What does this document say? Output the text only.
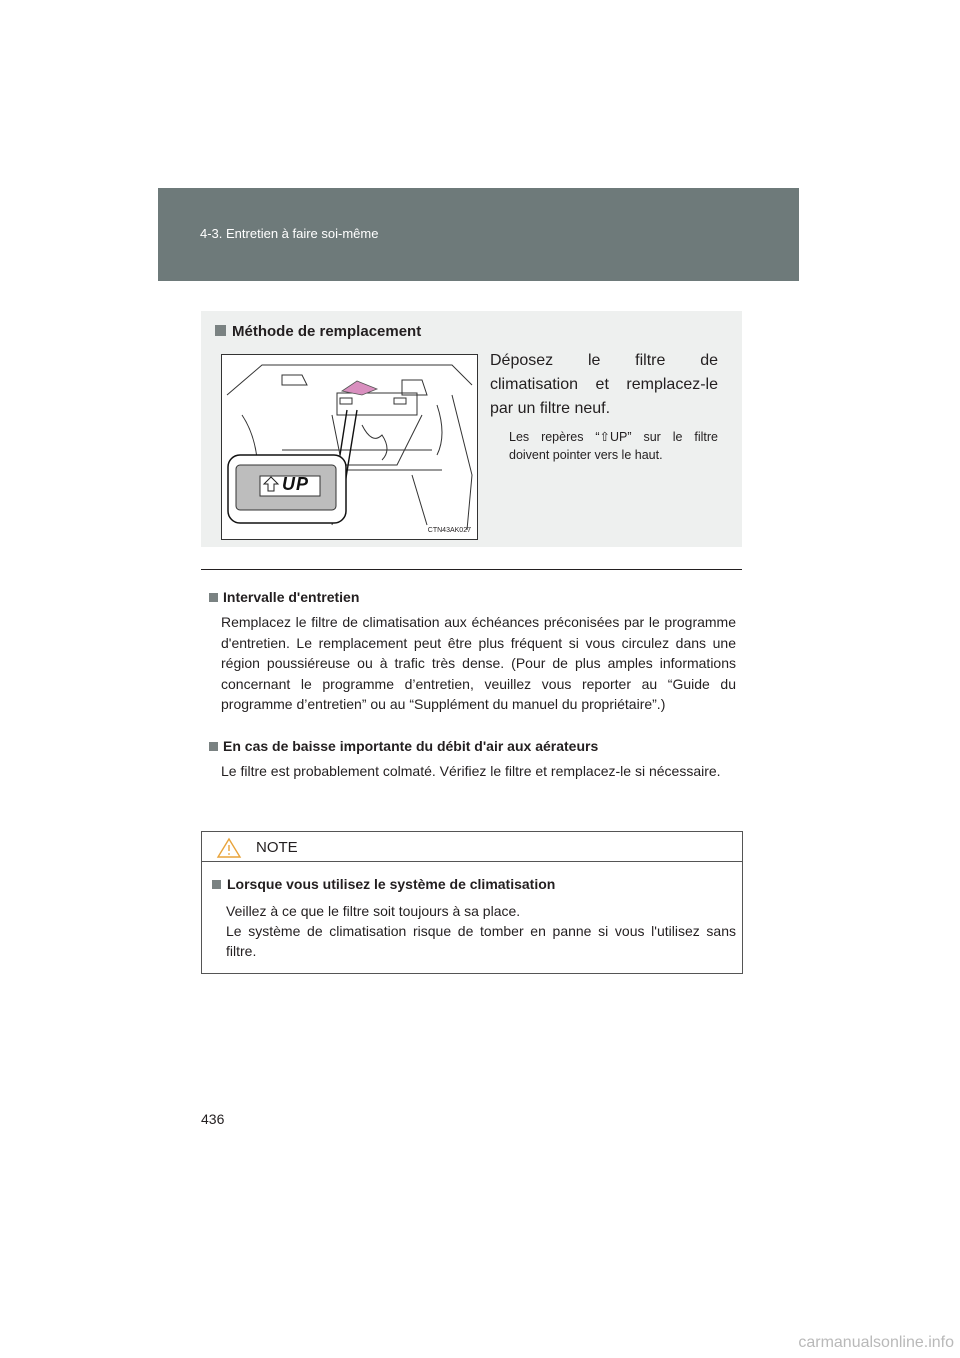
4-3. Entretien à faire soi-même
Méthode de remplacement
UP
CTN43AK027
Déposez le filtre de climatisation et remplacez-le par un filtre neuf.
Les repères “⇧UP” sur le filtre doivent pointer vers le haut.

Intervalle d'entretien

Remplacez le filtre de climatisation aux échéances préconisées par le programme d'entretien. Le remplacement peut être plus fréquent si vous circulez dans une région poussiéreuse ou à trafic très dense. (Pour de plus amples informations concernant le programme d’entretien, veuillez vous reporter au “Guide du programme d’entretien” ou au “Supplément du manuel du propriétaire”.)

En cas de baisse importante du débit d'air aux aérateurs

Le filtre est probablement colmaté. Vérifiez le filtre et remplacez-le si nécessaire.

NOTE

Lorsque vous utilisez le système de climatisation

Veillez à ce que le filtre soit toujours à sa place.
Le système de climatisation risque de tomber en panne si vous l'utilisez sans filtre.

436
carmanualsonline.info
